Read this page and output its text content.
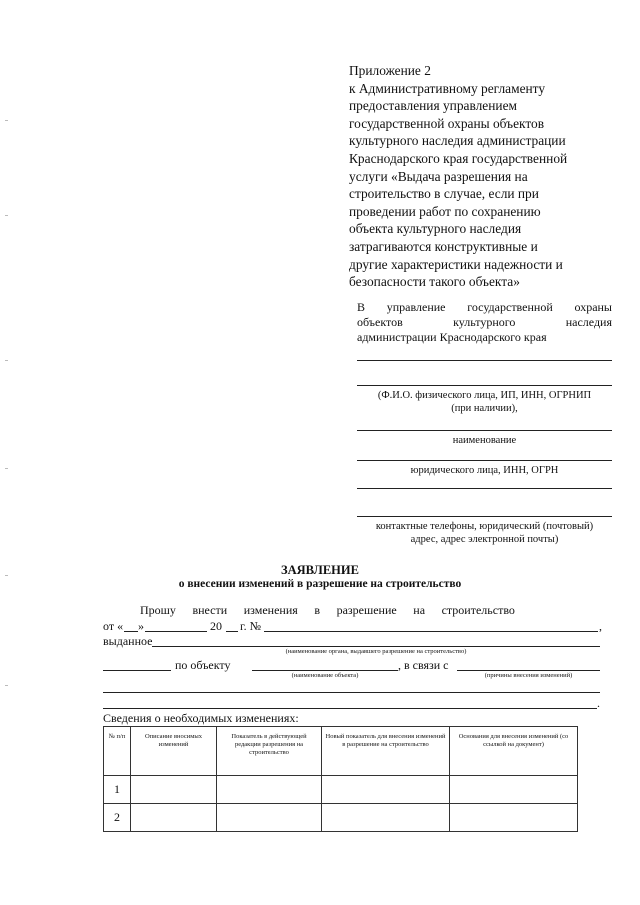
Приложение 2
к Административному регламенту
предоставления управлением
государственной охраны объектов
культурного наследия администрации
Краснодарского края государственной
услуги «Выдача разрешения на
строительство в случае, если при
проведении работ по сохранению
объекта культурного наследия
затрагиваются конструктивные и
другие характеристики надежности и
безопасности такого объекта»
В управление государственной охраны
объектов культурного наследия
администрации Краснодарского края
(Ф.И.О. физического лица, ИП, ИНН, ОГРНИП
(при наличии),
наименование
юридического лица, ИНН, ОГРН
контактные телефоны, юридический (почтовый)
адрес, адрес электронной почты)
ЗАЯВЛЕНИЕ
о внесении изменений в разрешение на строительство
Прошу внести изменения в разрешение на строительство
от « »	20 г. №	,
выданное
(наименование органа, выдавшего разрешение на строительство)
по объекту	, в связи с
(наименование объекта)	(причины внесения изменений)
.
Сведения о необходимых изменениях:
№ п/п	Описание вносимых изменений	Показатель в действующей редакции разрешения на строительство	Новый показатель для внесения изменений в разрешение на строительство	Основания для внесения изменений (со ссылкой на документ)
1				
2				
